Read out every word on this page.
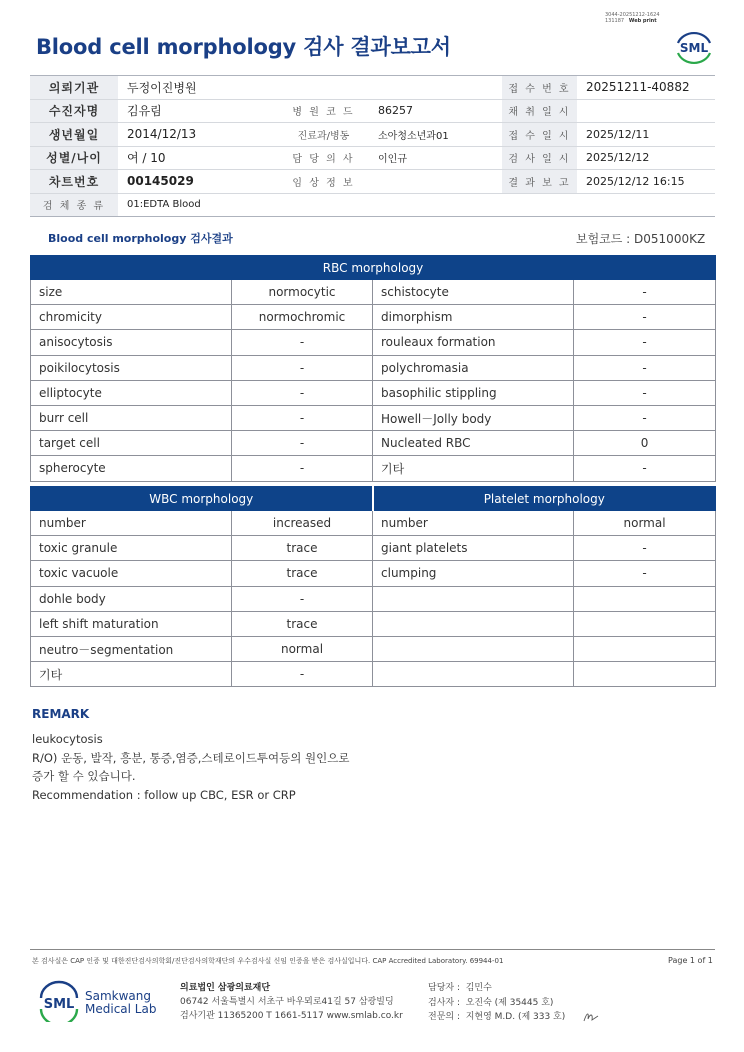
3044-20251212-1624
131187 Web print
Blood cell morphology 검사 결과보고서	SML
의뢰기관	두정이진병원	접 수 번 호	20251211-40882
수진자명	김유림	병 원 코 드	86257	채 취 일 시
생년월일	2014/12/13	진료과/병동	소아청소년과01	접 수 일 시	2025/12/11
성별/나이	여 / 10	담 당 의 사	이인규	검 사 일 시	2025/12/12
차트번호	00145029	임 상 정 보	결 과 보 고	2025/12/12 16:15
검 체 종 류	01:EDTA Blood
Blood cell morphology 검사결과	보험코드 : D051000KZ
RBC morphology			
size	normocytic	schistocyte	-
chromicity	normochromic	dimorphism	-
anisocytosis	-	rouleaux formation	-
poikilocytosis	-	polychromasia	-
elliptocyte	-	basophilic stippling	-
burr cell	-	Howell－Jolly body	-
target cell	-	Nucleated RBC	0
spherocyte	-	기타	-
WBC morphology		Platelet morphology	
number	increased	number	normal
toxic granule	trace	giant platelets	-
toxic vacuole	trace	clumping	-
dohle body	-		
left shift maturation	trace		
neutro－segmentation	normal		
기타	-		
REMARK
leukocytosis
R/O) 운동, 발작, 흥분, 통증,염증,스테로이드투여등의 원인으로
증가 할 수 있습니다.
Recommendation : follow up CBC, ESR or CRP
본 검사실은 CAP 인증 및 대한진단검사의학회/진단검사의학재단의 우수검사실 신임 인증을 받은 검사실입니다. CAP Accredited Laboratory. 69944-01	Page 1 of 1
SML
Samkwang
Medical Lab
의료법인 삼광의료재단
06742 서울특별시 서초구 바우뫼로41길 57 삼광빌딩
검사기관 11365200 T 1661-5117 www.smlab.co.kr
담당자 : 김민수
검사자 : 오진숙 (제 35445 호)
전문의 : 지현영 M.D. (제 333 호)
